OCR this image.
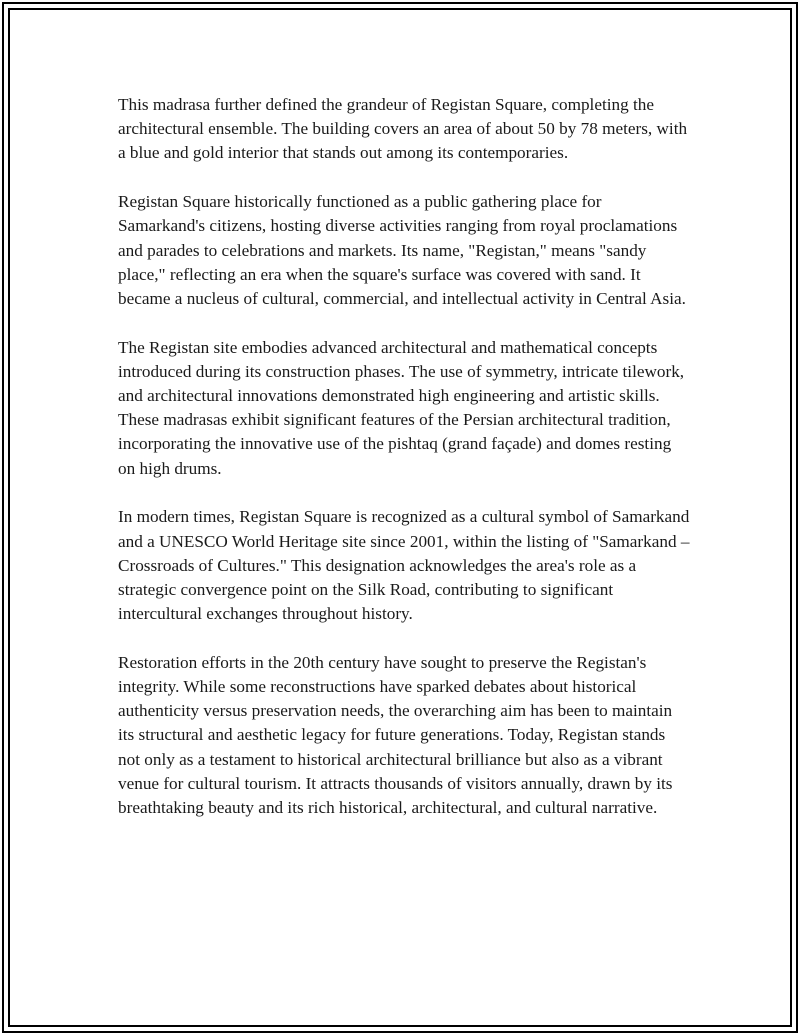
This madrasa further defined the grandeur of Registan Square, completing the architectural ensemble. The building covers an area of about 50 by 78 meters, with a blue and gold interior that stands out among its contemporaries.

Registan Square historically functioned as a public gathering place for Samarkand's citizens, hosting diverse activities ranging from royal proclamations and parades to celebrations and markets. Its name, "Registan," means "sandy place," reflecting an era when the square's surface was covered with sand. It became a nucleus of cultural, commercial, and intellectual activity in Central Asia.

The Registan site embodies advanced architectural and mathematical concepts introduced during its construction phases. The use of symmetry, intricate tilework, and architectural innovations demonstrated high engineering and artistic skills. These madrasas exhibit significant features of the Persian architectural tradition, incorporating the innovative use of the pishtaq (grand façade) and domes resting on high drums.

In modern times, Registan Square is recognized as a cultural symbol of Samarkand and a UNESCO World Heritage site since 2001, within the listing of "Samarkand – Crossroads of Cultures." This designation acknowledges the area's role as a strategic convergence point on the Silk Road, contributing to significant intercultural exchanges throughout history.

Restoration efforts in the 20th century have sought to preserve the Registan's integrity. While some reconstructions have sparked debates about historical authenticity versus preservation needs, the overarching aim has been to maintain its structural and aesthetic legacy for future generations. Today, Registan stands not only as a testament to historical architectural brilliance but also as a vibrant venue for cultural tourism. It attracts thousands of visitors annually, drawn by its breathtaking beauty and its rich historical, architectural, and cultural narrative.
